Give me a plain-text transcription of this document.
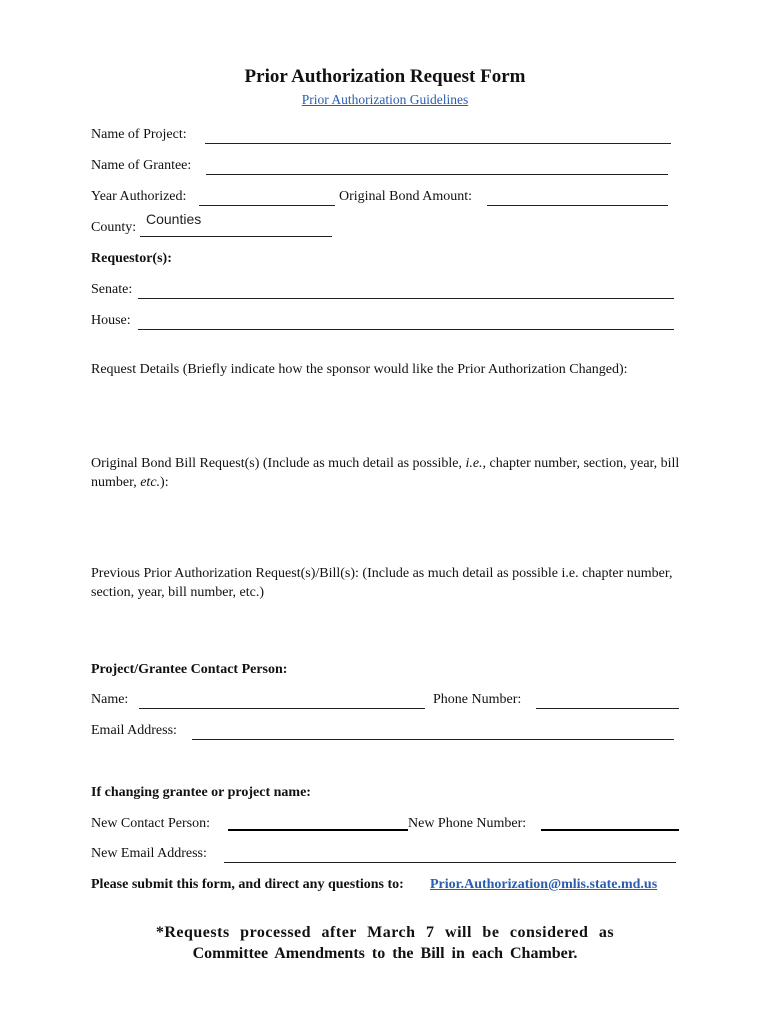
Prior Authorization Request Form
Prior Authorization Guidelines
Name of Project:
Name of Grantee:
Year Authorized:	Original Bond Amount:
County:
Counties
Requestor(s):
Senate:
House:
Request Details (Briefly indicate how the sponsor would like the Prior Authorization Changed):
Original Bond Bill Request(s) (Include as much detail as possible, i.e., chapter number, section, year, bill number, etc.):
Previous Prior Authorization Request(s)/Bill(s): (Include as much detail as possible i.e. chapter number, section, year, bill number, etc.)
Project/Grantee Contact Person:
Name:	Phone Number:
Email Address:
If changing grantee or project name:
New Contact Person:	New Phone Number:
New Email Address:
Please submit this form, and direct any questions to: Prior.Authorization@mlis.state.md.us
*Requests processed after March 7 will be considered as
Committee Amendments to the Bill in each Chamber.
